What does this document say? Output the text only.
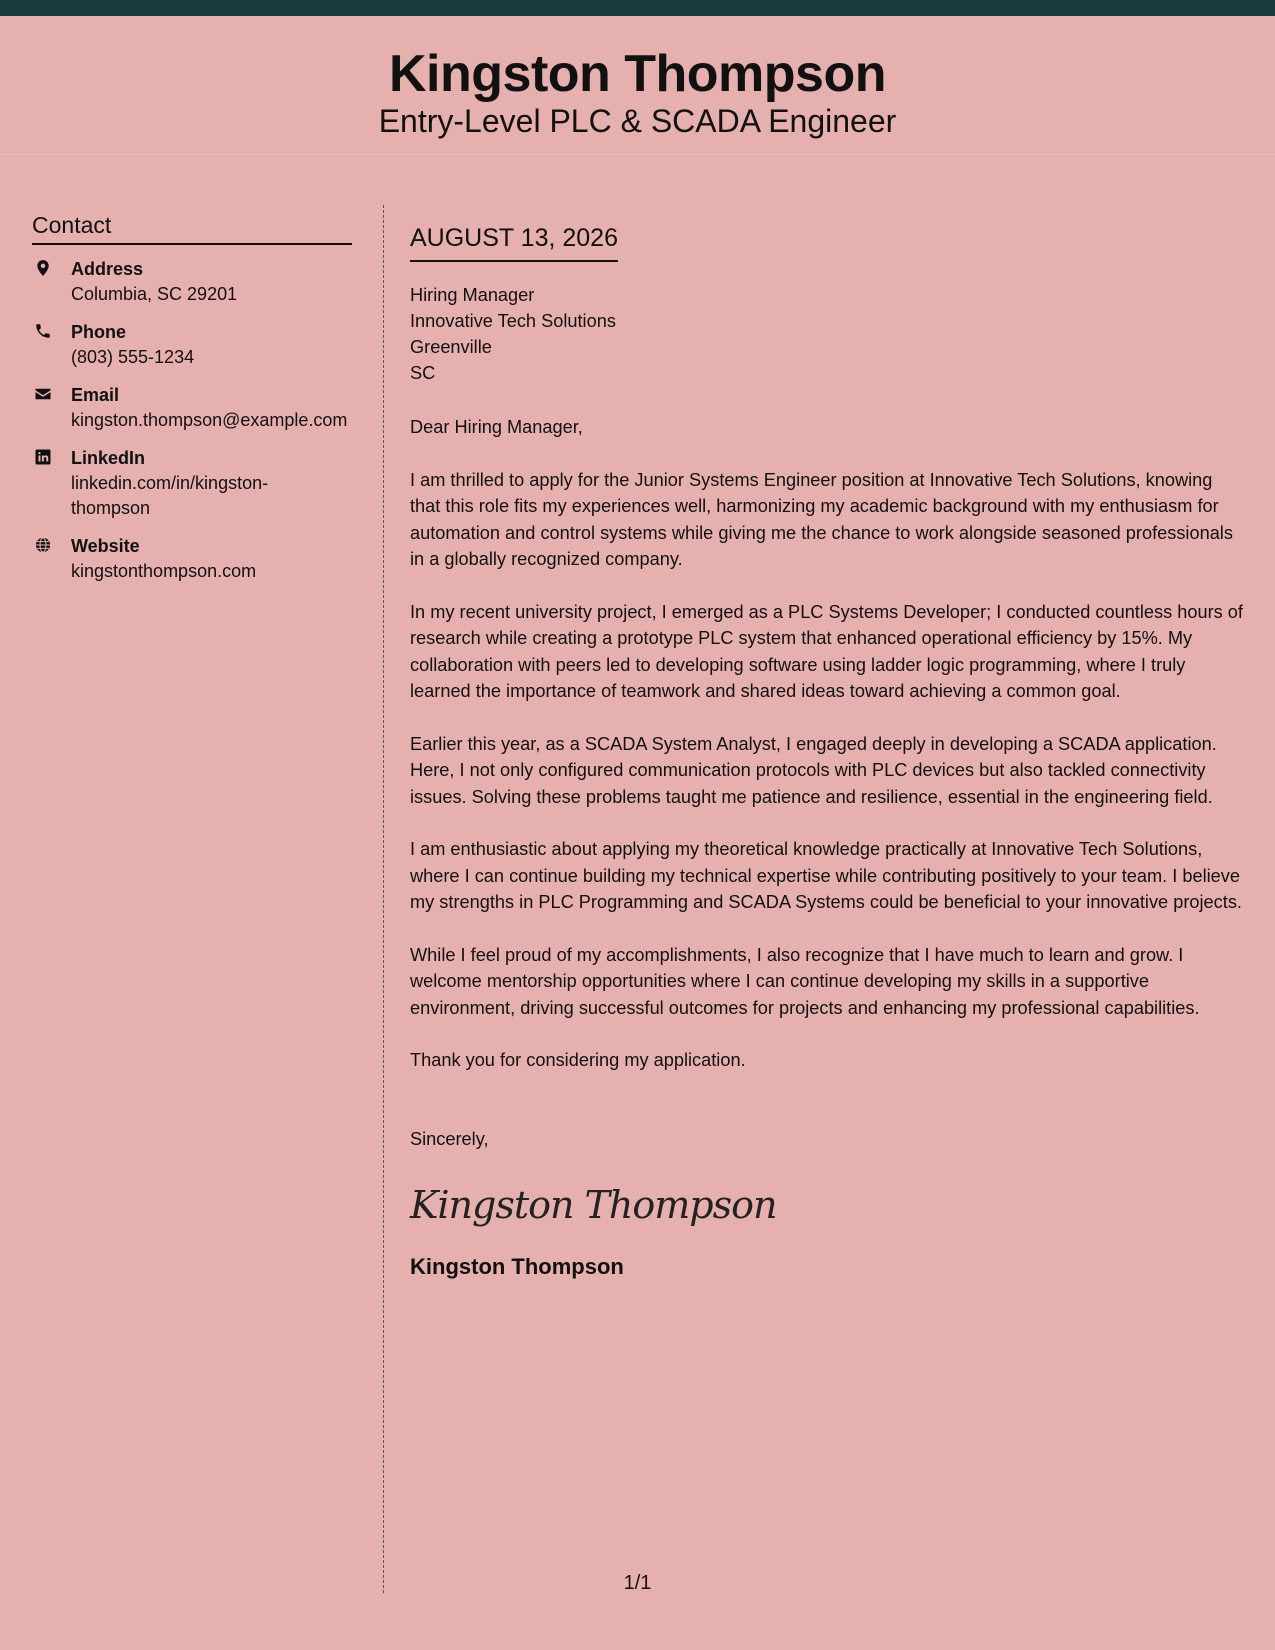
Kingston Thompson
Entry-Level PLC & SCADA Engineer
Contact
Address
Columbia, SC 29201
Phone
(803) 555-1234
Email
kingston.thompson@example.com
LinkedIn
linkedin.com/in/kingston-
thompson
Website
kingstonthompson.com
AUGUST 13, 2026
Hiring Manager
Innovative Tech Solutions
Greenville
SC
Dear Hiring Manager,

I am thrilled to apply for the Junior Systems Engineer position at Innovative Tech Solutions, knowing that this role fits my experiences well, harmonizing my academic background with my enthusiasm for automation and control systems while giving me the chance to work alongside seasoned professionals in a globally recognized company.

In my recent university project, I emerged as a PLC Systems Developer; I conducted countless hours of research while creating a prototype PLC system that enhanced operational efficiency by 15%. My collaboration with peers led to developing software using ladder logic programming, where I truly learned the importance of teamwork and shared ideas toward achieving a common goal.

Earlier this year, as a SCADA System Analyst, I engaged deeply in developing a SCADA application. Here, I not only configured communication protocols with PLC devices but also tackled connectivity issues. Solving these problems taught me patience and resilience, essential in the engineering field.

I am enthusiastic about applying my theoretical knowledge practically at Innovative Tech Solutions, where I can continue building my technical expertise while contributing positively to your team. I believe my strengths in PLC Programming and SCADA Systems could be beneficial to your innovative projects.

While I feel proud of my accomplishments, I also recognize that I have much to learn and grow. I welcome mentorship opportunities where I can continue developing my skills in a supportive environment, driving successful outcomes for projects and enhancing my professional capabilities.

Thank you for considering my application.

Sincerely,
Kingston Thompson
Kingston Thompson
1/1
